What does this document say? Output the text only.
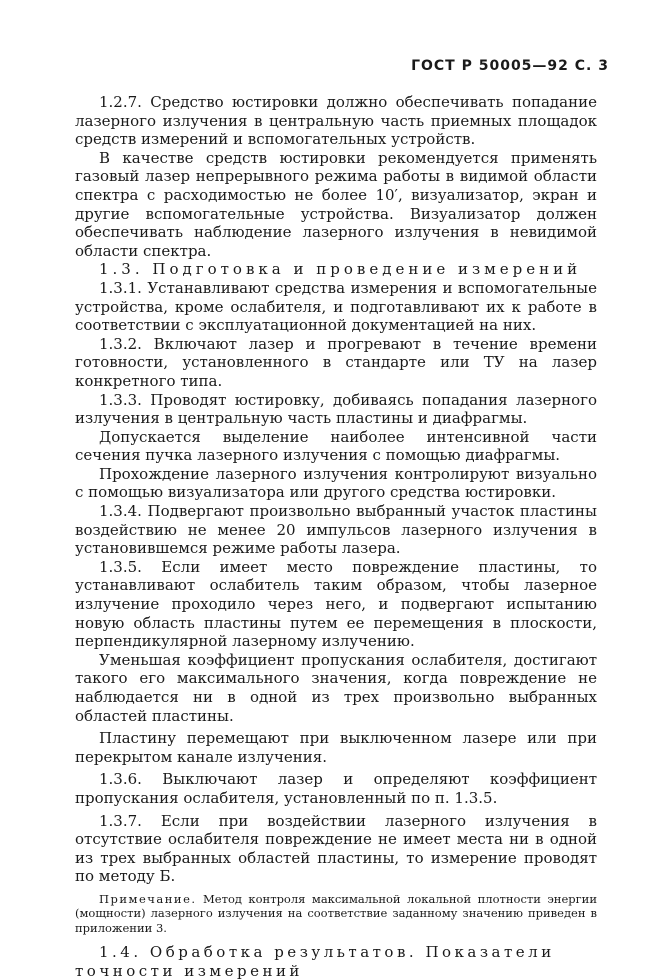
ГОСТ Р 50005—92 С. 3

1.2.7. Средство юстировки должно обеспечивать попадание лазерного излучения в центральную часть приемных площадок средств измерений и вспомогательных устройств.

В качестве средств юстировки рекомендуется применять газовый лазер непрерывного режима работы в видимой области спектра с расходимостью не более 10′, визуализатор, экран и другие вспомогательные устройства. Визуализатор должен обеспечивать наблюдение лазерного излучения в невидимой области спектра.

1.3. Подготовка и проведение измерений

1.3.1. Устанавливают средства измерения и вспомогательные устройства, кроме ослабителя, и подготавливают их к работе в соответствии с эксплуатационной документацией на них.

1.3.2. Включают лазер и прогревают в течение времени готовности, установленного в стандарте или ТУ на лазер конкретного типа.

1.3.3. Проводят юстировку, добиваясь попадания лазерного излучения в центральную часть пластины и диафрагмы.

Допускается выделение наиболее интенсивной части сечения пучка лазерного излучения с помощью диафрагмы.

Прохождение лазерного излучения контролируют визуально с помощью визуализатора или другого средства юстировки.

1.3.4. Подвергают произвольно выбранный участок пластины воздействию не менее 20 импульсов лазерного излучения в установившемся режиме работы лазера.

1.3.5. Если имеет место повреждение пластины, то устанавливают ослабитель таким образом, чтобы лазерное излучение проходило через него, и подвергают испытанию новую область пластины путем ее перемещения в плоскости, перпендикулярной лазерному излучению.

Уменьшая коэффициент пропускания ослабителя, достигают такого его максимального значения, когда повреждение не наблюдается ни в одной из трех произвольно выбранных областей пластины.

Пластину перемещают при выключенном лазере или при перекрытом канале излучения.

1.3.6. Выключают лазер и определяют коэффициент пропускания ослабителя, установленный по п. 1.3.5.

1.3.7. Если при воздействии лазерного излучения в отсутствие ослабителя повреждение не имеет места ни в одной из трех выбранных областей пластины, то измерение проводят по методу Б.

Примечание. Метод контроля максимальной локальной плотности энергии (мощности) лазерного излучения на соответствие заданному значению приведен в приложении 3.

1.4. Обработка результатов. Показатели точности измерений
